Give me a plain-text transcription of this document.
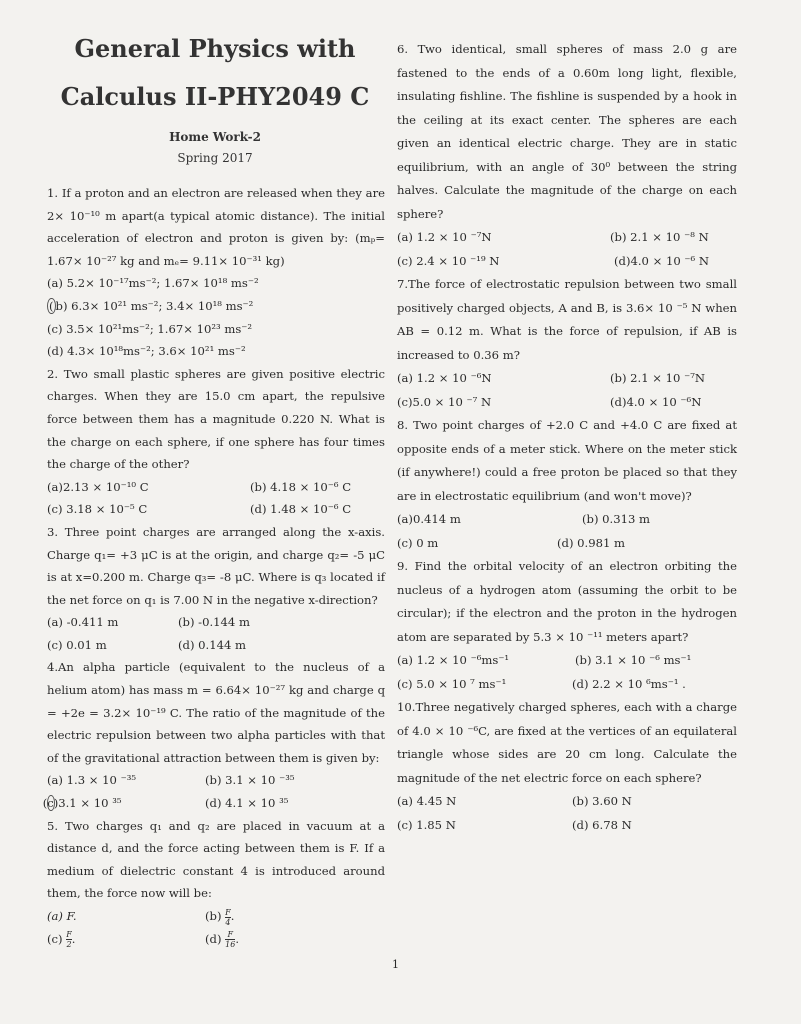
General Physics with
Calculus II-PHY2049 C
Home Work-2
Spring 2017

1. If a proton and an electron are released when they are 2× 10⁻¹⁰ m apart(a typical atomic distance). The initial acceleration of electron and proton is given by: (mₚ= 1.67× 10⁻²⁷ kg and mₑ= 9.11× 10⁻³¹ kg)

(a) 5.2× 10⁻¹⁷ms⁻²; 1.67× 10¹⁸ ms⁻²
( b) 6.3× 10²¹ ms⁻²; 3.4× 10¹⁸ ms⁻²
(c) 3.5× 10²¹ms⁻²; 1.67× 10²³ ms⁻²
(d) 4.3× 10¹⁸ms⁻²; 3.6× 10²¹ ms⁻²

2. Two small plastic spheres are given positive electric charges. When they are 15.0 cm apart, the repulsive force between them has a magnitude 0.220 N. What is the charge on each sphere, if one sphere has four times the charge of the other?

(a)2.13 × 10⁻¹⁰ C	(b) 4.18 × 10⁻⁶ C
(c) 3.18 × 10⁻⁵ C	(d) 1.48 × 10⁻⁶ C

3. Three point charges are arranged along the x-axis. Charge q₁= +3 μC is at the origin, and charge q₂= -5 μC is at x=0.200 m. Charge q₃= -8 μC. Where is q₃ located if the net force on q₁ is 7.00 N in the negative x-direction?

(a) -0.411 m	(b) -0.144 m
(c) 0.01 m	(d) 0.144 m

4.An alpha particle (equivalent to the nucleus of a helium atom) has mass m = 6.64× 10⁻²⁷ kg and charge q = +2e = 3.2× 10⁻¹⁹ C. The ratio of the magnitude of the electric repulsion between two alpha particles with that of the gravitational attraction between them is given by:

(a) 1.3 × 10 ⁻³⁵	(b) 3.1 × 10 ⁻³⁵
(c)3.1 × 10 ³⁵	(d) 4.1 × 10 ³⁵

5. Two charges q₁ and q₂ are placed in vacuum at a distance d, and the force acting between them is F. If a medium of dielectric constant 4 is introduced around them, the force now will be:

(a) F.	$(b) \frac{F}{4}$ .
$(c) \frac{F}{2}$ .	$(d) \frac{F}{16}$ .

6. Two identical, small spheres of mass 2.0 g are fastened to the ends of a 0.60m long light, flexible, insulating fishline. The fishline is suspended by a hook in the ceiling at its exact center. The spheres are each given an identical electric charge. They are in static equilibrium, with an angle of 30⁰ between the string halves. Calculate the magnitude of the charge on each sphere?

(a) 1.2 × 10 ⁻⁷N	(b) 2.1 × 10 ⁻⁸ N
(c) 2.4 × 10 ⁻¹⁹ N	(d)4.0 × 10 ⁻⁶ N

7.The force of electrostatic repulsion between two small positively charged objects, A and B, is 3.6× 10 ⁻⁵ N when AB = 0.12 m. What is the force of repulsion, if AB is increased to 0.36 m?

(a) 1.2 × 10 ⁻⁶N	(b) 2.1 × 10 ⁻⁷N
(c)5.0 × 10 ⁻⁷ N	(d)4.0 × 10 ⁻⁶N

8. Two point charges of +2.0 C and +4.0 C are fixed at opposite ends of a meter stick. Where on the meter stick (if anywhere!) could a free proton be placed so that they are in electrostatic equilibrium (and won't move)?

(a)0.414 m	(b) 0.313 m
(c) 0 m	(d) 0.981 m

9. Find the orbital velocity of an electron orbiting the nucleus of a hydrogen atom (assuming the orbit to be circular); if the electron and the proton in the hydrogen atom are separated by 5.3 × 10 ⁻¹¹ meters apart?

(a) 1.2 × 10 ⁻⁶ms⁻¹	(b) 3.1 × 10 ⁻⁶ ms⁻¹
(c) 5.0 × 10 ⁷ ms⁻¹	(d) 2.2 × 10 ⁶ms⁻¹ .

10.Three negatively charged spheres, each with a charge of 4.0 × 10 ⁻⁶C, are fixed at the vertices of an equilateral triangle whose sides are 20 cm long. Calculate the magnitude of the net electric force on each sphere?

(a) 4.45 N	(b) 3.60 N
(c) 1.85 N	(d) 6.78 N
1
